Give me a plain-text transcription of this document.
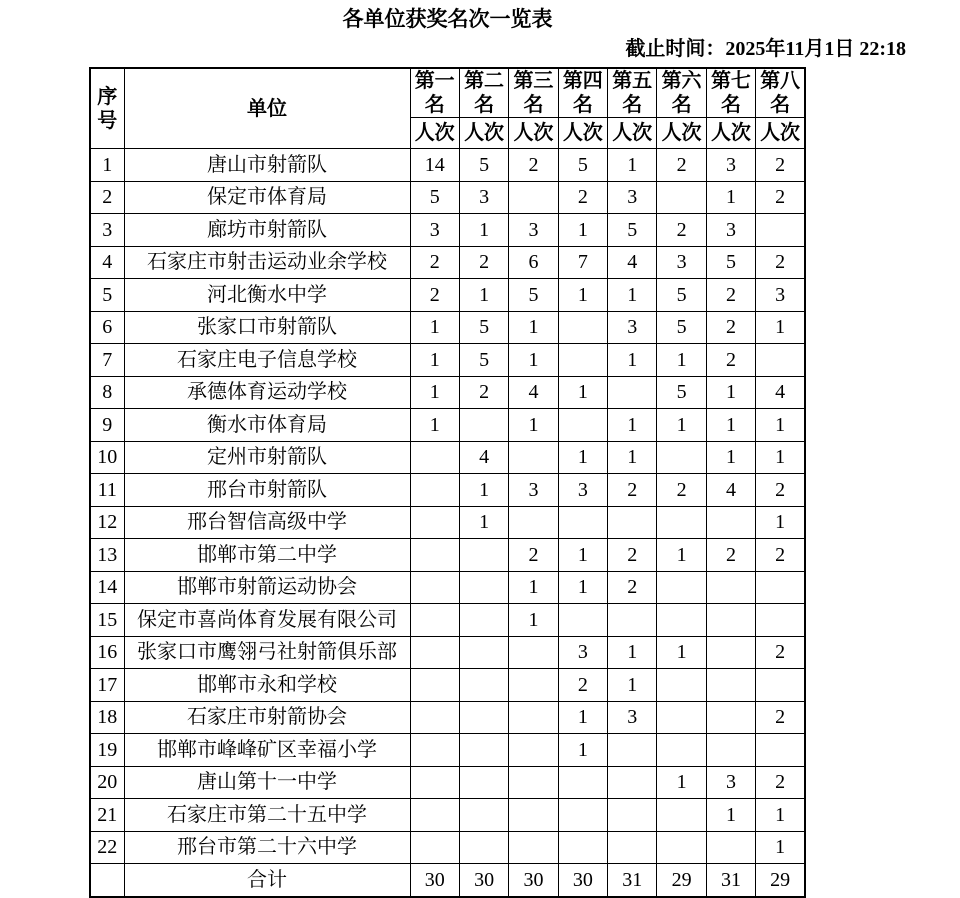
各单位获奖名次一览表
截止时间：2025年11月1日 22:18
序号	单位	第一名	第二名	第三名	第四名	第五名	第六名	第七名	第八名
		人次	人次	人次	人次	人次	人次	人次	人次
1	唐山市射箭队	14	5	2	5	1	2	3	2
2	保定市体育局	5	3		2	3		1	2
3	廊坊市射箭队	3	1	3	1	5	2	3	
4	石家庄市射击运动业余学校	2	2	6	7	4	3	5	2
5	河北衡水中学	2	1	5	1	1	5	2	3
6	张家口市射箭队	1	5	1		3	5	2	1
7	石家庄电子信息学校	1	5	1		1	1	2	
8	承德体育运动学校	1	2	4	1		5	1	4
9	衡水市体育局	1		1		1	1	1	1
10	定州市射箭队		4		1	1		1	1
11	邢台市射箭队		1	3	3	2	2	4	2
12	邢台智信高级中学		1						1
13	邯郸市第二中学			2	1	2	1	2	2
14	邯郸市射箭运动协会			1	1	2			
15	保定市喜尚体育发展有限公司			1					
16	张家口市鹰翎弓社射箭俱乐部				3	1	1		2
17	邯郸市永和学校				2	1			
18	石家庄市射箭协会				1	3			2
19	邯郸市峰峰矿区幸福小学				1				
20	唐山第十一中学						1	3	2
21	石家庄市第二十五中学							1	1
22	邢台市第二十六中学								1
	合计	30	30	30	30	31	29	31	29
